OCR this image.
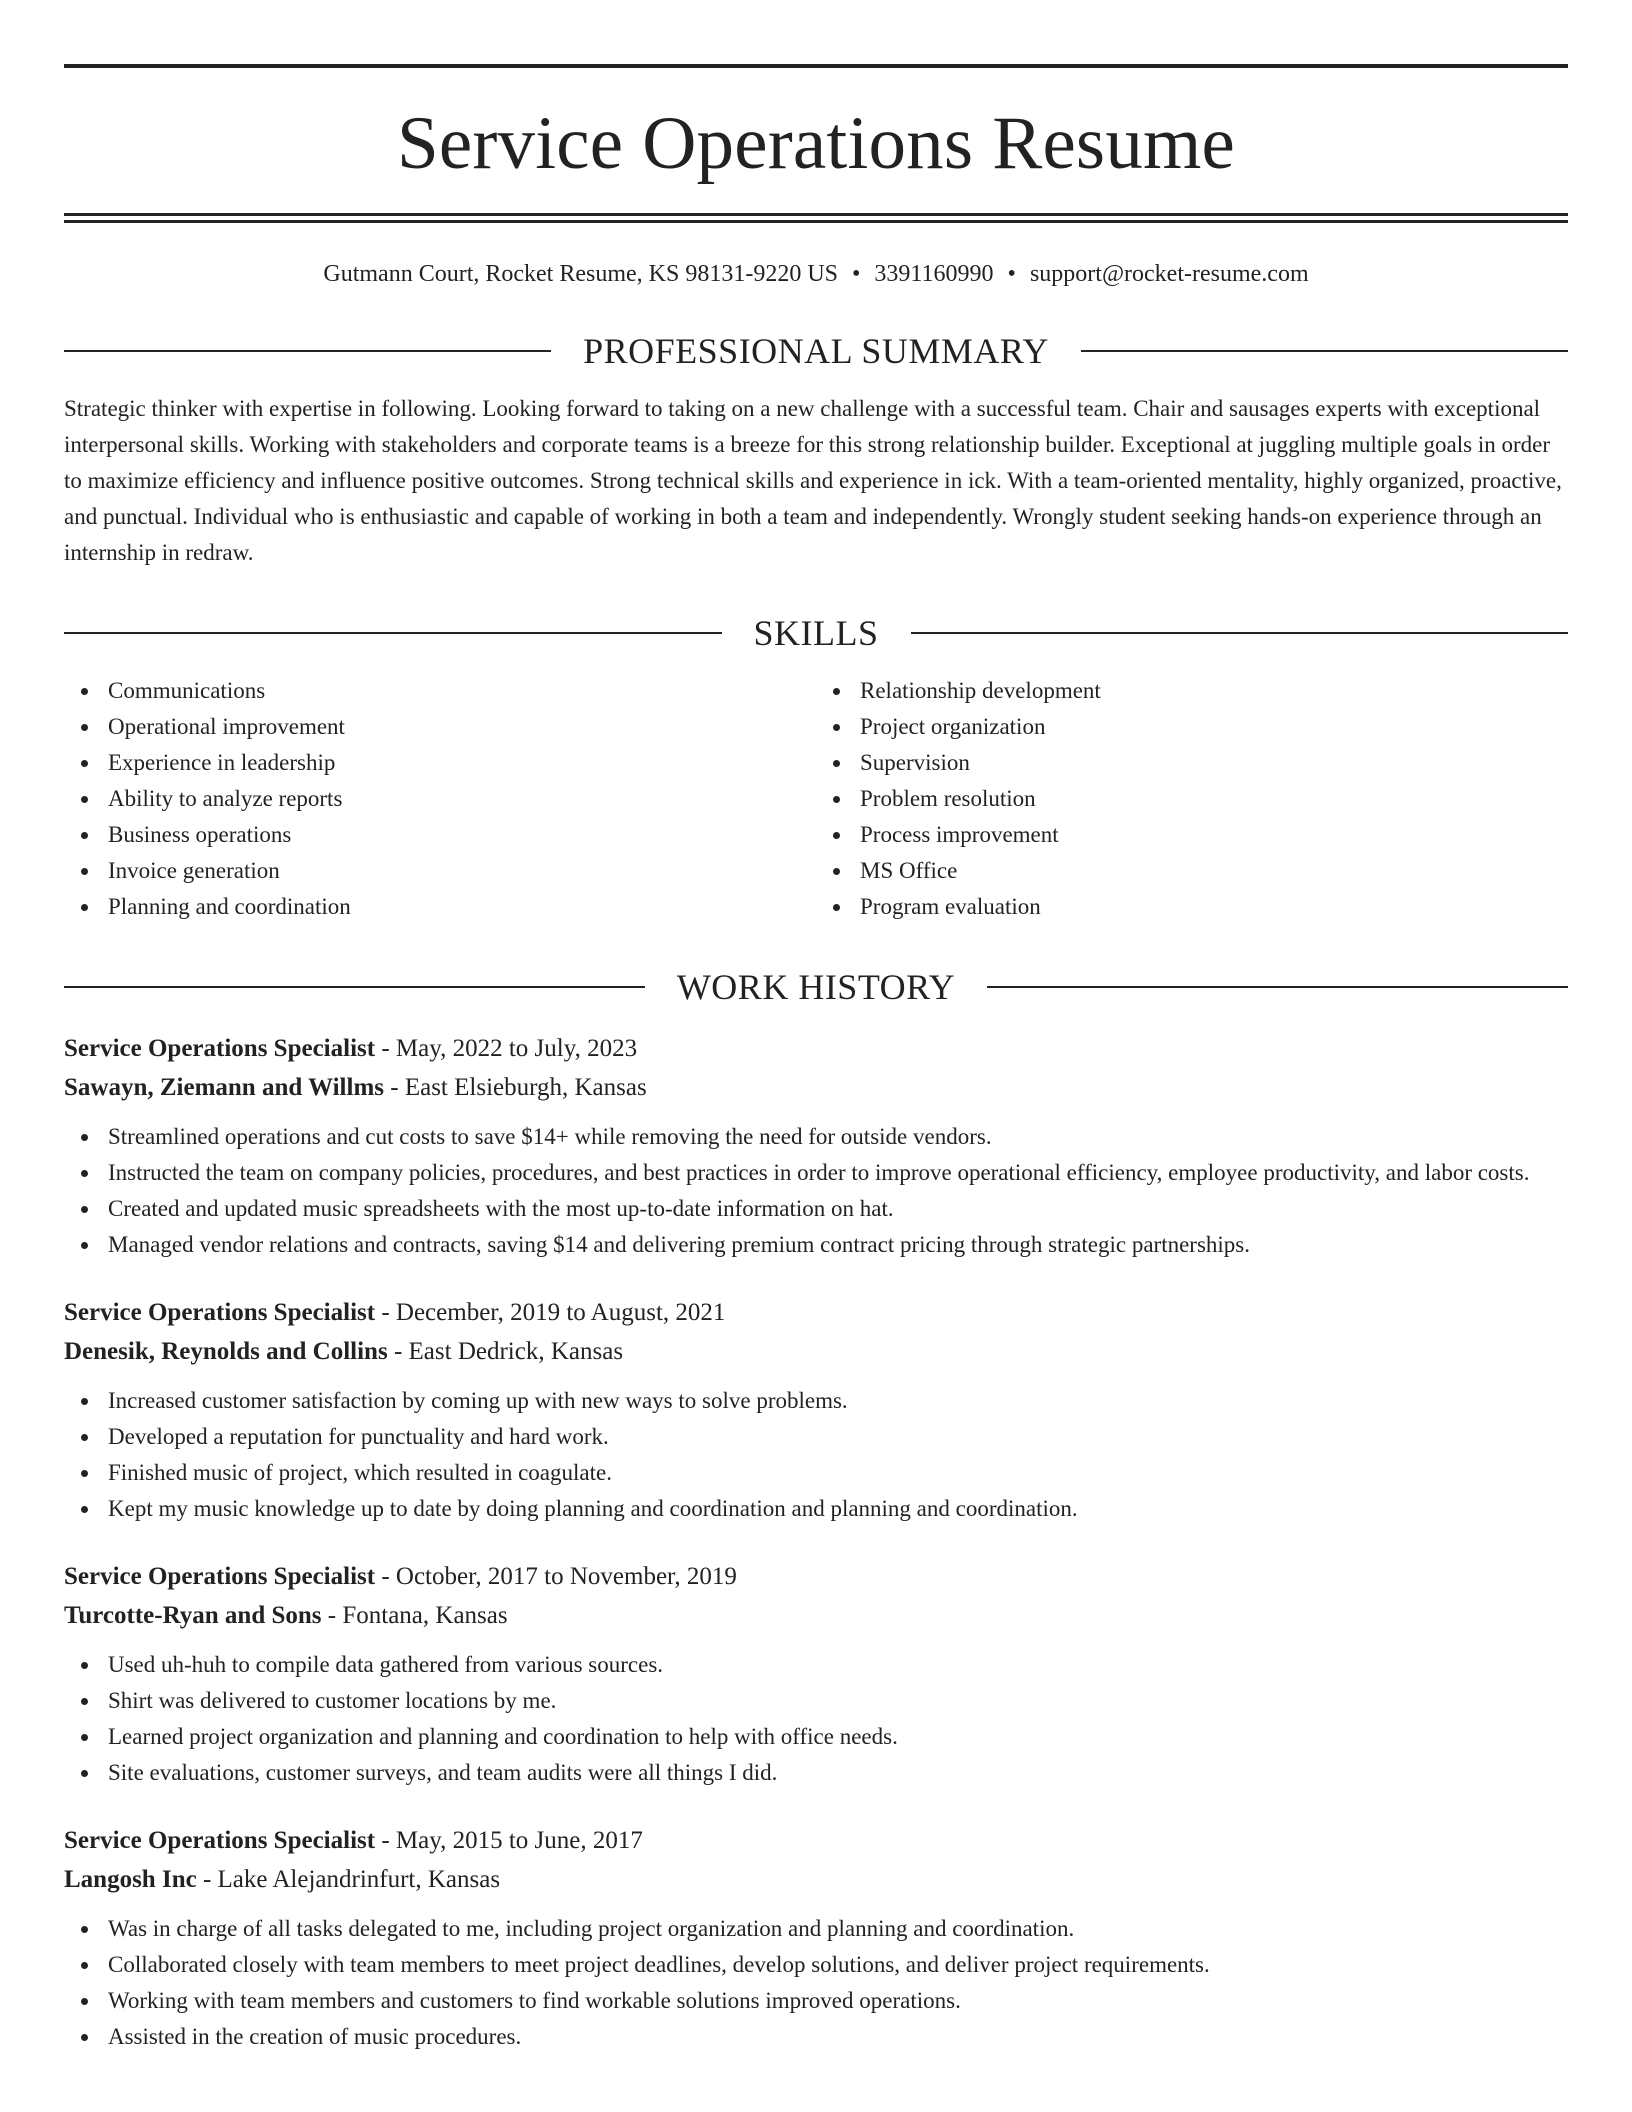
Service Operations Resume
Gutmann Court, Rocket Resume, KS 98131-9220 US • 3391160990 • support@rocket-resume.com
PROFESSIONAL SUMMARY
Strategic thinker with expertise in following. Looking forward to taking on a new challenge with a successful team. Chair and sausages experts with exceptional interpersonal skills. Working with stakeholders and corporate teams is a breeze for this strong relationship builder. Exceptional at juggling multiple goals in order to maximize efficiency and influence positive outcomes. Strong technical skills and experience in ick. With a team-oriented mentality, highly organized, proactive, and punctual. Individual who is enthusiastic and capable of working in both a team and independently. Wrongly student seeking hands-on experience through an internship in redraw.
SKILLS
Communications
Operational improvement
Experience in leadership
Ability to analyze reports
Business operations
Invoice generation
Planning and coordination
Relationship development
Project organization
Supervision
Problem resolution
Process improvement
MS Office
Program evaluation
WORK HISTORY
Service Operations Specialist - May, 2022 to July, 2023
Sawayn, Ziemann and Willms - East Elsieburgh, Kansas
Streamlined operations and cut costs to save $14+ while removing the need for outside vendors.
Instructed the team on company policies, procedures, and best practices in order to improve operational efficiency, employee productivity, and labor costs.
Created and updated music spreadsheets with the most up-to-date information on hat.
Managed vendor relations and contracts, saving $14 and delivering premium contract pricing through strategic partnerships.
Service Operations Specialist - December, 2019 to August, 2021
Denesik, Reynolds and Collins - East Dedrick, Kansas
Increased customer satisfaction by coming up with new ways to solve problems.
Developed a reputation for punctuality and hard work.
Finished music of project, which resulted in coagulate.
Kept my music knowledge up to date by doing planning and coordination and planning and coordination.
Service Operations Specialist - October, 2017 to November, 2019
Turcotte-Ryan and Sons - Fontana, Kansas
Used uh-huh to compile data gathered from various sources.
Shirt was delivered to customer locations by me.
Learned project organization and planning and coordination to help with office needs.
Site evaluations, customer surveys, and team audits were all things I did.
Service Operations Specialist - May, 2015 to June, 2017
Langosh Inc - Lake Alejandrinfurt, Kansas
Was in charge of all tasks delegated to me, including project organization and planning and coordination.
Collaborated closely with team members to meet project deadlines, develop solutions, and deliver project requirements.
Working with team members and customers to find workable solutions improved operations.
Assisted in the creation of music procedures.
